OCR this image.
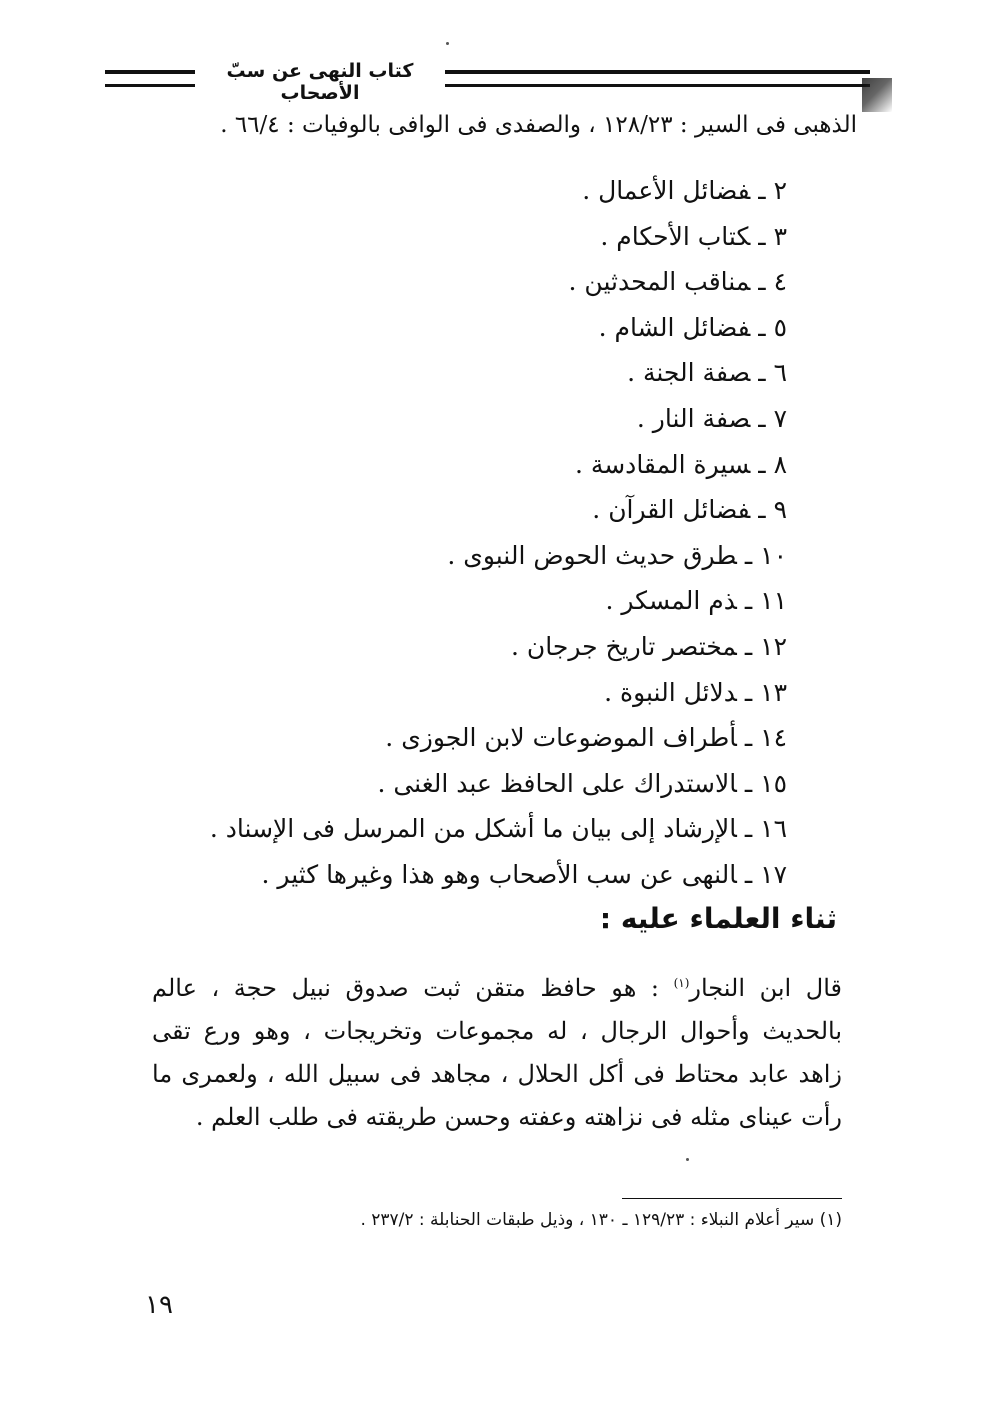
كتاب النهى عن سبّ الأصحاب
الذهبى فى السير : ١٢٨/٢٣ ، والصفدى فى الوافى بالوفيات : ٦٦/٤ .
٢ ـفضائل الأعمال .
٣ ـكتاب الأحكام .
٤ ـمناقب المحدثين .
٥ ـفضائل الشام .
٦ ـصفة الجنة .
٧ ـصفة النار .
٨ ـسيرة المقادسة .
٩ ـفضائل القرآن .
١٠ ـطرق حديث الحوض النبوى .
١١ ـذم المسكر .
١٢ ـمختصر تاريخ جرجان .
١٣ ـدلائل النبوة .
١٤ ـأطراف الموضوعات لابن الجوزى .
١٥ ـالاستدراك على الحافظ عبد الغنى .
١٦ ـالإرشاد إلى بيان ما أشكل من المرسل فى الإسناد .
١٧ ـالنهى عن سب الأصحاب وهو هذا وغيرها كثير .
ثناء العلماء عليه :
قال ابن النجار$^{(١)}$ : هو حافظ متقن ثبت صدوق نبيل حجة ، عالم بالحديث وأحوال الرجال ، له مجموعات وتخريجات ، وهو ورع تقى زاهد عابد محتاط فى أكل الحلال ، مجاهد فى سبيل الله ، ولعمرى ما رأت عيناى مثله فى نزاهته وعفته وحسن طريقته فى طلب العلم .
(١) سير أعلام النبلاء : ١٢٩/٢٣ ـ ١٣٠ ، وذيل طبقات الحنابلة : ٢٣٧/٢ .
١٩
